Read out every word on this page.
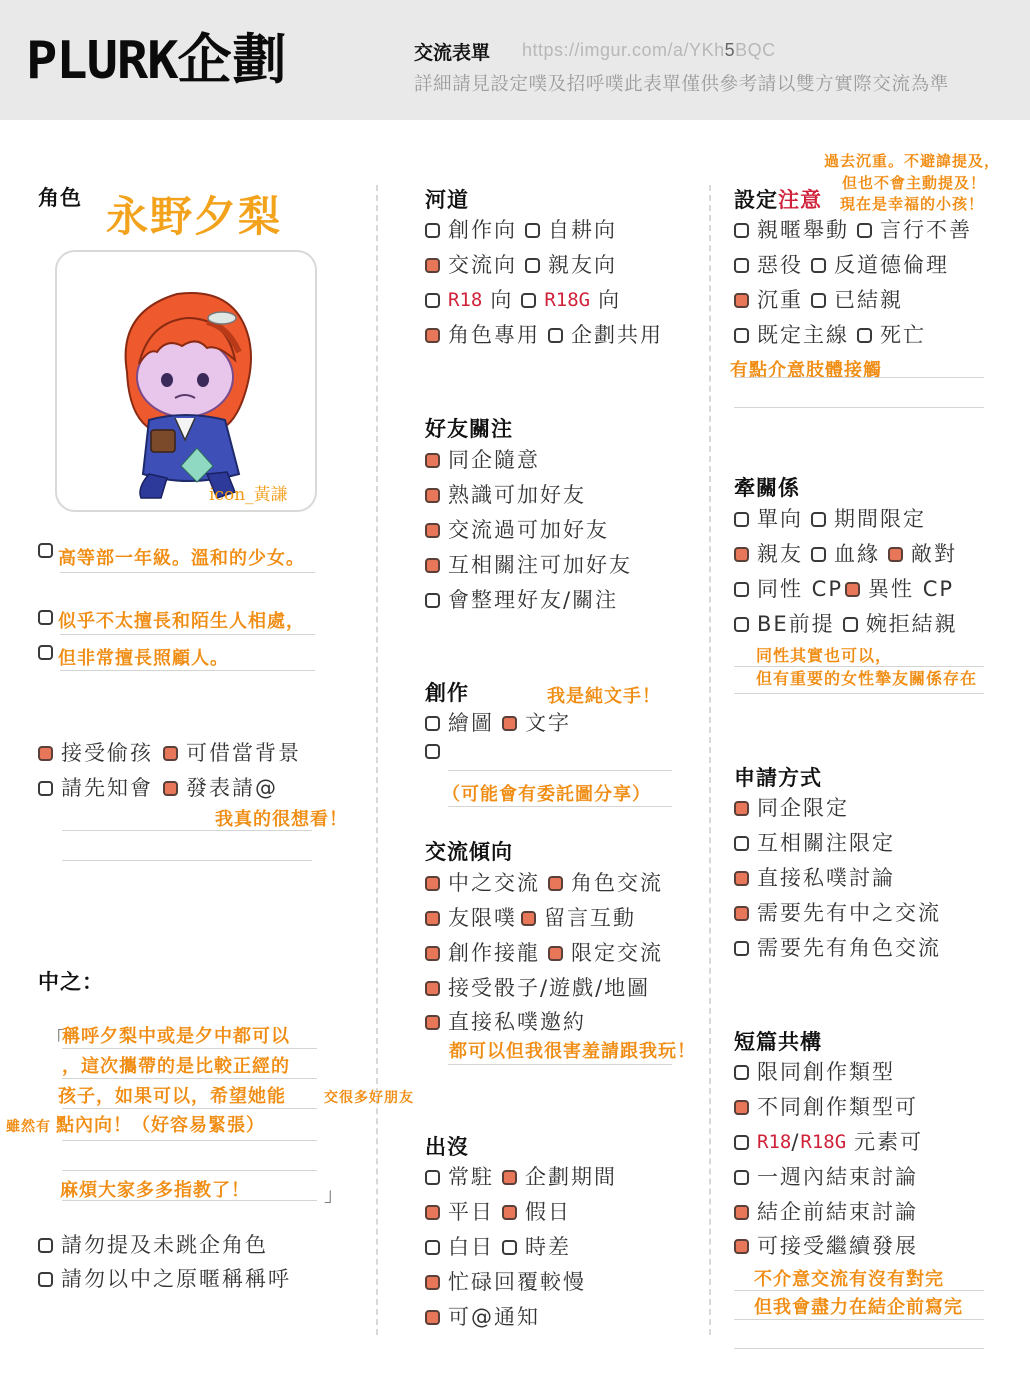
PLURK企劃	交流表單 https://imgur.com/a/YKh5BQC
詳細請見設定噗及招呼噗此表單僅供參考請以雙方實際交流為準
角色 永野夕梨
icon_黃謙
高等部一年級。溫和的少女。
似乎不太擅長和陌生人相處，
但非常擅長照顧人。
接受偷孩 可借當背景
請先知會 發表請@
我真的很想看！
中之：
「
稱呼夕梨中或是夕中都可以
，這次攜帶的是比較正經的
孩子，如果可以，希望她能	交很多好朋友
雖然有 點內向！（好容易緊張）
麻煩大家多多指教了！	」
請勿提及未跳企角色
請勿以中之原暱稱稱呼
河道
創作向 自耕向
交流向 親友向
R18 向 R18G 向
角色專用 企劃共用
好友關注
同企隨意
熟識可加好友
交流過可加好友
互相關注可加好友
會整理好友/關注
創作	我是純文手！
繪圖 文字
（可能會有委託圖分享）
交流傾向
中之交流 角色交流
友限噗 留言互動
創作接龍 限定交流
接受骰子/遊戲/地圖
直接私噗邀約
都可以但我很害羞請跟我玩！
出沒
常駐 企劃期間
平日 假日
白日 時差
忙碌回覆較慢
可@通知
過去沉重。不避諱提及，
但也不會主動提及！
現在是幸福的小孩！
設定注意
親暱舉動 言行不善
惡役 反道德倫理
沉重 已結親
既定主線 死亡
有點介意肢體接觸
牽關係
單向 期間限定
親友 血緣 敵對
同性 CP 異性 CP
BE前提 婉拒結親
同性其實也可以，
但有重要的女性摯友關係存在
申請方式
同企限定
互相關注限定
直接私噗討論
需要先有中之交流
需要先有角色交流
短篇共構
限同創作類型
不同創作類型可
R18 / R18G 元素可
一週內結束討論
結企前結束討論
可接受繼續發展
不介意交流有沒有對完
但我會盡力在結企前寫完
